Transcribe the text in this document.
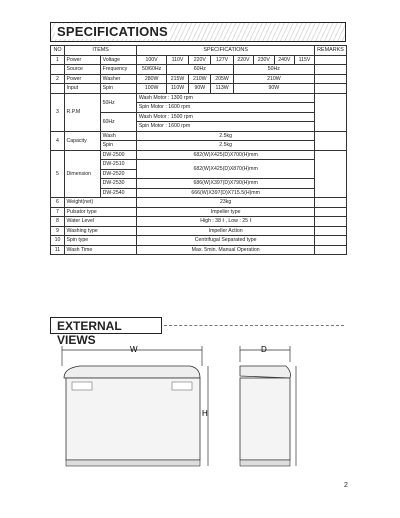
SPECIFICATIONS
NO	ITEMS		SPECIFICATIONS								REMARKS
1	Power	Voltage	100V	110V	220V	127V	220V	230V	240V	115V	
	Source	Frequency	50/60Hz	60Hz			50Hz				
2	Power	Washer	280W	215W	210W	205W	210W				
	Input	Spin	100W	110W	90W	113W	90W				
3	R.P.M	50Hz	Wash Motor : 1300 rpm								
			Spin Motor : 1600 rpm								
		60Hz	Wash Motor : 1500 rpm								
			Spin Motor : 1600 rpm								
4	Capacity	Wash	2.5kg								
		Spin	2.5kg								
5	Dimension	DW-2500	682(W)X425(D)X700(H)mm								
		DW-2510	682(W)X425(D)X870(H)mm								
		DW-2520									
		DW-2530	686(W)X397(D)X790(H)mm								
		DW-2540	666(W)X397(D)X715.5(H)mm								
6	Weight(net)		23kg								
7	Pulsator type		Impeller type								
8	Water Level		High : 38 ℓ , Low : 25 ℓ								
9	Washing type		Impeller Action								
10	Spin type		Centrifugal Separated type								
11	Wash Time		Max. 5min. Manual Operation								
EXTERNAL VIEWS
W
H
D
2
